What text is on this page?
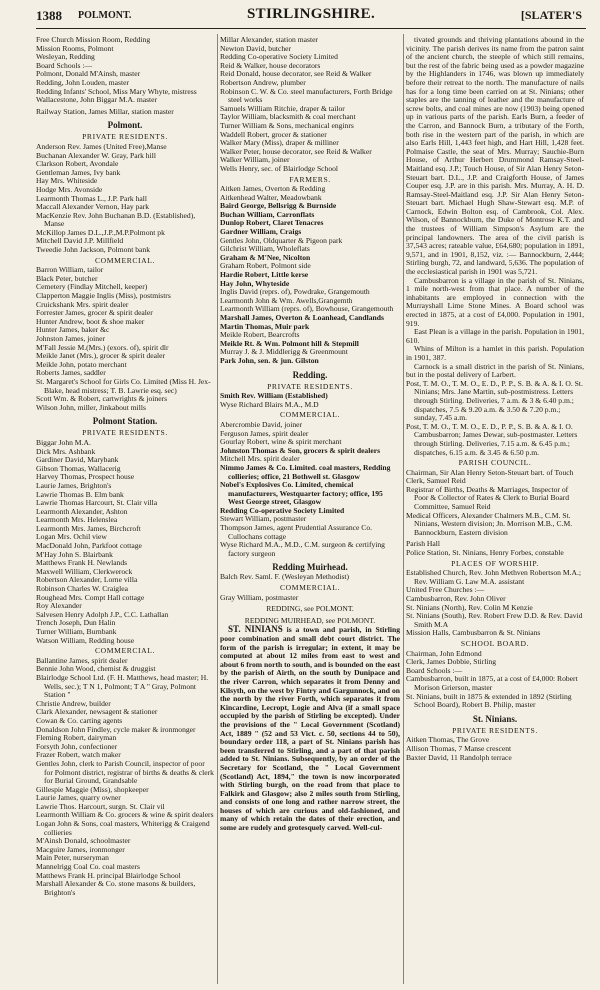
1388 POLMONT.	STIRLINGSHIRE.	[SLATER'S

Free Church Mission Room, Redding

Mission Rooms, Polmont

Wesleyan, Redding

Board Schools :—

Polmont, Donald M'Ainsh, master

Redding, John Louden, master

Redding Infants' School, Miss Mary Whyte, mistress

Wallacestone, John Biggar M.A. master

Railway Station, James Millar, station master

Polmont.

PRIVATE RESIDENTS.

Anderson Rev. James (United Free),Manse

Buchanan Alexander W. Gray, Park hill

Clarkson Robert, Avondale

Gentleman James, Ivy bank

Hay Mrs. Whiteside

Hodge Mrs. Avonside

Learmonth Thomas L., J.P. Park hall

Maccall Alexander Vernon, Hay park

MacKenzie Rev. John Buchanan B.D. (Established), Manse

McKillop James D.L.,J.P.,M.P.Polmont pk

Mitchell David J.P. Millfield

Tweedie John Jackson, Polmont bank

COMMERCIAL.

Barron William, tailor

Black Peter, butcher

Cemetery (Findlay Mitchell, keeper)

Clapperton Maggie Inglis (Miss), postmistrs

Cruickshank Mrs. spirit dealer

Forrester James, grocer & spirit dealer

Hunter Andrew, boot & shoe maker

Hunter James, baker &c

Johnston James, joiner

M'Fall Jessie M.(Mrs.) (exors. of), spirit dlr

Meikle Janet (Mrs.), grocer & spirit dealer

Meikle John, potato merchant

Roberts James, saddler

St. Margaret's School for Girls Co. Limited (Miss H. Jex-Blake, head mistress; T. B. Lawrie esq. sec)

Scott Wm. & Robert, cartwrights & joiners

Wilson John, miller, Jinkabout mills

Polmont Station.

PRIVATE RESIDENTS.

Biggar John M.A.

Dick Mrs. Ashbank

Gardiner David, Marybank

Gibson Thomas, Wallacerig

Harvey Thomas, Prospect house

Laurie James, Brighton's

Lawrie Thomas B. Elm bank

Lawrie Thomas Harcourt, St. Clair villa

Learmonth Alexander, Ashton

Learmonth Mrs. Helenslea

Learmonth Mrs. James, Birchcroft

Logan Mrs. Ochil view

MacDonald John, Parkfoot cottage

M'Hay John S. Blairbank

Matthews Frank H. Newlands

Maxwell William, Clerkwerock

Robertson Alexander, Lorne villa

Robinson Charles W. Craiglea

Roughead Mrs. Compt Hall cottage

Roy Alexander

Salvesen Henry Adolph J.P., C.C. Lathallan

Trench Joseph, Dun Halin

Turner William, Burnbank

Watson William, Redding house

COMMERCIAL.

Ballantine James, spirit dealer

Bennie John Wood, chemist & druggist

Blairlodge School Ltd. (F. H. Matthews, head master; H. Wells, sec.); T N 1, Polmont; T A " Gray, Polmont Station "

Christie Andrew, builder

Clark Alexander, newsagent & stationer

Cowan & Co. carting agents

Donaldson John Findley, cycle maker & ironmonger

Fleming Robert, dairyman

Forsyth John, confectioner

Frazer Robert, watch maker

Gentles John, clerk to Parish Council, inspector of poor for Polmont district, registrar of births & deaths & clerk for Burial Ground, Grandsable

Gillespie Maggie (Miss), shopkeeper

Laurie James, quarry owner

Lawrie Thos. Harcourt, surgn. St. Clair vil

Learmonth William & Co. grocers & wine & spirit dealers

Logan John & Sons, coal masters, Whiterigg & Craigend collieries

M'Ainsh Donald, schoolmaster

Macguire James, ironmonger

Main Peter, nurseryman

Mannelrigg Coal Co. coal masters

Matthews Frank H. principal Blairlodge School

Marshall Alexander & Co. stone masons & builders, Brighton's

Millar Alexander, station master

Newton David, butcher

Redding Co-operative Society Limited

Reid & Walker, house decorators

Reid Donald, house decorator, see Reid & Walker

Robertson Andrew, plumber

Robinson C. W. & Co. steel manufacturers, Forth Bridge steel works

Samuels William Ritchie, draper & tailor

Taylor William, blacksmith & coal merchant

Turner William & Sons, mechanical enginrs

Waddell Robert, grocer & stationer

Walker Mary (Miss), draper & milliner

Walker Peter, house decorator, see Reid & Walker

Walker William, joiner

Wells Henry, sec. of Blairlodge School

FARMERS.

Aitken James, Overton & Redding

Aitkenhead Walter, Meadowbank

Baird George, Bellsrigg & Burnside

Buchan William, Carronflats

Dunlop Robert, Claret Tenacres

Gardner William, Craigs

Gentles John, Oldquarter & Pigeon park

Gilchrist William, Wholeflats

Graham & M'Nee, Nicolton

Graham Robert, Polmont side

Hardie Robert, Little kerse

Hay John, Whyteside

Inglis David (reprs. of), Powdrake, Grangemouth

Learmonth John & Wm. Awells,Grangemth

Learmonth William (reprs. of), Bowhouse, Grangemouth

Marshall James, Overton & Loanhead, Candlands

Martin Thomas, Muir park

Meikle Robert, Bearcrofts

Meikle Rt. & Wm. Polmont hill & Stepmill

Murray J. & J. Middlerigg & Greenmount

Park John, sen. & jun. Gilston

Redding.

PRIVATE RESIDENTS.

Smith Rev. William (Established)

Wyse Richard Blairs M.A., M.D

COMMERCIAL.

Abercrombie David, joiner

Ferguson James, spirit dealer

Gourlay Robert, wine & spirit merchant

Johnston Thomas & Son, grocers & spirit dealers

Mitchell Mrs. spirit dealer

Nimmo James & Co. Limited. coal masters, Redding collieries; office, 21 Bothwell st. Glasgow

Nobel's Explosives Co. Limited, chemical manufacturers, Westquarter factory; office, 195 West George street, Glasgow

Redding Co-operative Society Limited

Stewart William, postmaster

Thompson James, agent Prudential Assurance Co. Cullochans cottage

Wyse Richard M.A., M.D., C.M. surgeon & certifying factory surgeon

Redding Muirhead.

Balch Rev. Saml. F. (Wesleyan Methodist)

COMMERCIAL.

Gray William, postmaster

REDDING, see POLMONT.

REDDING MUIRHEAD, see POLMONT.

ST. NINIANS is a town and parish, in Stirling poor combination and small debt court district. The form of the parish is irregular; in extent, it may be computed at about 12 miles from east to west and about 6 from north to south, and is bounded on the east by the parish of Airth, on the south by Dunipace and the river Carron, which separates it from Denny and Kilsyth, on the west by Fintry and Gargunnock, and on the north by the river Forth, which separates it from Kincardine, Lecropt, Logie and Alva (if a small space occupied by the parish of Stirling be excepted). Under the provisions of the " Local Government (Scotland) Act, 1889 " (52 and 53 Vict. c. 50, sections 44 to 50), boundary order 118, a part of St. Ninians parish has been transferred to Stirling, and a part of that parish added to St. Ninians. Subsequently, by an order of the Secretary for Scotland, the " Local Government (Scotland) Act, 1894," the town is now incorporated with Stirling burgh, on the road from that place to Falkirk and Glasgow; also 2 miles south from Stirling, and consists of one long and rather narrow street, the houses of which are curious and old-fashioned, and many of which retain the dates of their erection, and some are rudely and grotesquely carved. Well-cul-

tivated grounds and thriving plantations abound in the vicinity. The parish derives its name from the patron saint of the ancient church, the steeple of which still remains, but the rest of the fabric being used as a powder magazine by the Highlanders in 1746, was blown up immediately before their retreat to the north. The manufacture of nails has for a long time been carried on at St. Ninians; other staples are the tanning of leather and the manufacture of screw bolts, and coal mines are now (1903) being opened up in various parts of the parish. Earls Burn, a feeder of the Carron, and Bannock Burn, a tributary of the Forth, both rise in the western part of the parish, in which are also Earls Hill, 1,443 feet high, and Hart Hill, 1,428 feet. Polmaise Castle, the seat of Mrs. Murray; Sauchie-Burn House, of Arthur Herbert Drummond Ramsay-Steel-Maitland esq. J.P.; Touch House, of Sir Alan Henry Seton-Steuart bart. D.L., J.P. and Craigforth House, of James Couper esq. J.P. are in this parish. Mrs. Murray, A. H. D. Ramsay-Steel-Maitland esq. J.P. Sir Alan Henry Seton-Steuart bart. Michael Hugh Shaw-Stewart esq. M.P. of Carnock, Edwin Bolton esq. of Cambrook, Col. Alex. Wilson, of Bannockburn, the Duke of Montrose K.T. and the trustees of William Simpson's Asylum are the principal landowners. The area of the civil parish is 37,543 acres; rateable value, £64,680; population in 1891, 9,571, and in 1901, 8,152, viz. :— Bannockburn, 2,444; Stirling burgh, 72, and landward, 5,636. The population of the ecclesiastical parish in 1901 was 5,721.

Cambusbarron is a village in the parish of St. Ninians, 1 mile north-west from that place. A number of the inhabitants are employed in connection with the Murrayshall Lime Stone Mines. A Board school was erected in 1875, at a cost of £4,000. Population in 1901, 919.

East Plean is a village in the parish. Population in 1901, 610.

Whins of Milton is a hamlet in this parish. Population in 1901, 387.

Carnock is a small district in the parish of St. Ninians, but in the postal delivery of Larbert.

Post, T. M. O., T. M. O., E. D., P. P., S. B. & A. & I. O. St. Ninians; Mrs. Jane Martin, sub-postmistress. Letters through Stirling. Deliveries, 7 a.m. & 3 & 6.40 p.m.; dispatches, 7.5 & 9.20 a.m. & 3.50 & 7.20 p.m.; sunday, 7.45 a.m.

Post, T. M. O., T. M. O., E. D., P. P., S. B. & A. & I. O. Cambusbarron; James Dewar, sub-postmaster. Letters through Stirling. Deliveries, 7.15 a.m. & 6.45 p.m.; dispatches, 6.15 a.m. & 3.45 & 6.50 p.m.

PARISH COUNCIL.

Chairman, Sir Alan Henry Seton-Steuart bart. of Touch

Clerk, Samuel Reid

Registrar of Births, Deaths & Marriages, Inspector of Poor & Collector of Rates & Clerk to Burial Board Committee, Samuel Reid

Medical Officers, Alexander Chalmers M.B., C.M. St. Ninians, Western division; Jn. Morrison M.B., C.M. Bannockburn, Eastern division

Parish Hall

Police Station, St. Ninians, Henry Forbes, constable

PLACES OF WORSHIP.

Established Church, Rev. John Methven Robertson M.A.; Rev. William G. Law M.A. assistant

United Free Churches :—

Cambusbarron, Rev. John Oliver

St. Ninians (North), Rev. Colin M Kenzie

St. Ninians (South), Rev. Robert Frew D.D. & Rev. David Smith M.A

Mission Halls, Cambusbarron & St. Ninians

SCHOOL BOARD.

Chairman, John Edmond

Clerk, James Dobbie, Stirling

Board Schools :—

Cambusbarron, built in 1875, at a cost of £4,000: Robert Morison Grierson, master

St. Ninians, built in 1875 & extended in 1892 (Stirling School Board), Robert B. Philip, master

St. Ninians.

PRIVATE RESIDENTS.

Aitken Thomas, The Grove

Allison Thomas, 7 Manse crescent

Baxter David, 11 Randolph terrace
